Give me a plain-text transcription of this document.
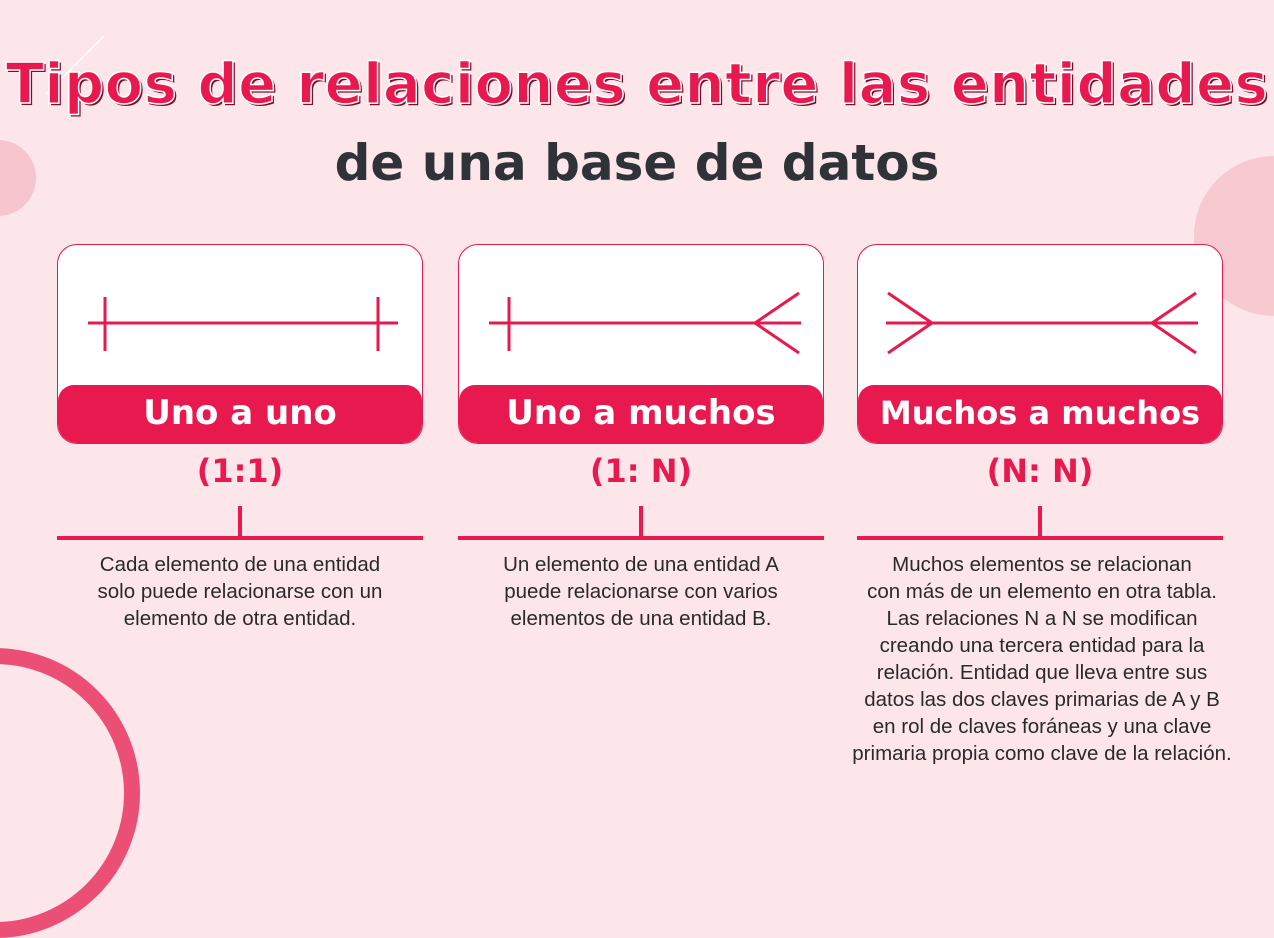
Tipos de relaciones entre las entidades
de una base de datos
Uno a uno
(1:1)

Cada elemento de una entidad
solo puede relacionarse con un
elemento de otra entidad.

Uno a muchos
(1: N)

Un elemento de una entidad A
puede relacionarse con varios
elementos de una entidad B.

Muchos a muchos
(N: N)

Muchos elementos se relacionan
con más de un elemento en otra tabla.
Las relaciones N a N se modifican
creando una tercera entidad para la
relación. Entidad que lleva entre sus
datos las dos claves primarias de A y B
en rol de claves foráneas y una clave
primaria propia como clave de la relación.
